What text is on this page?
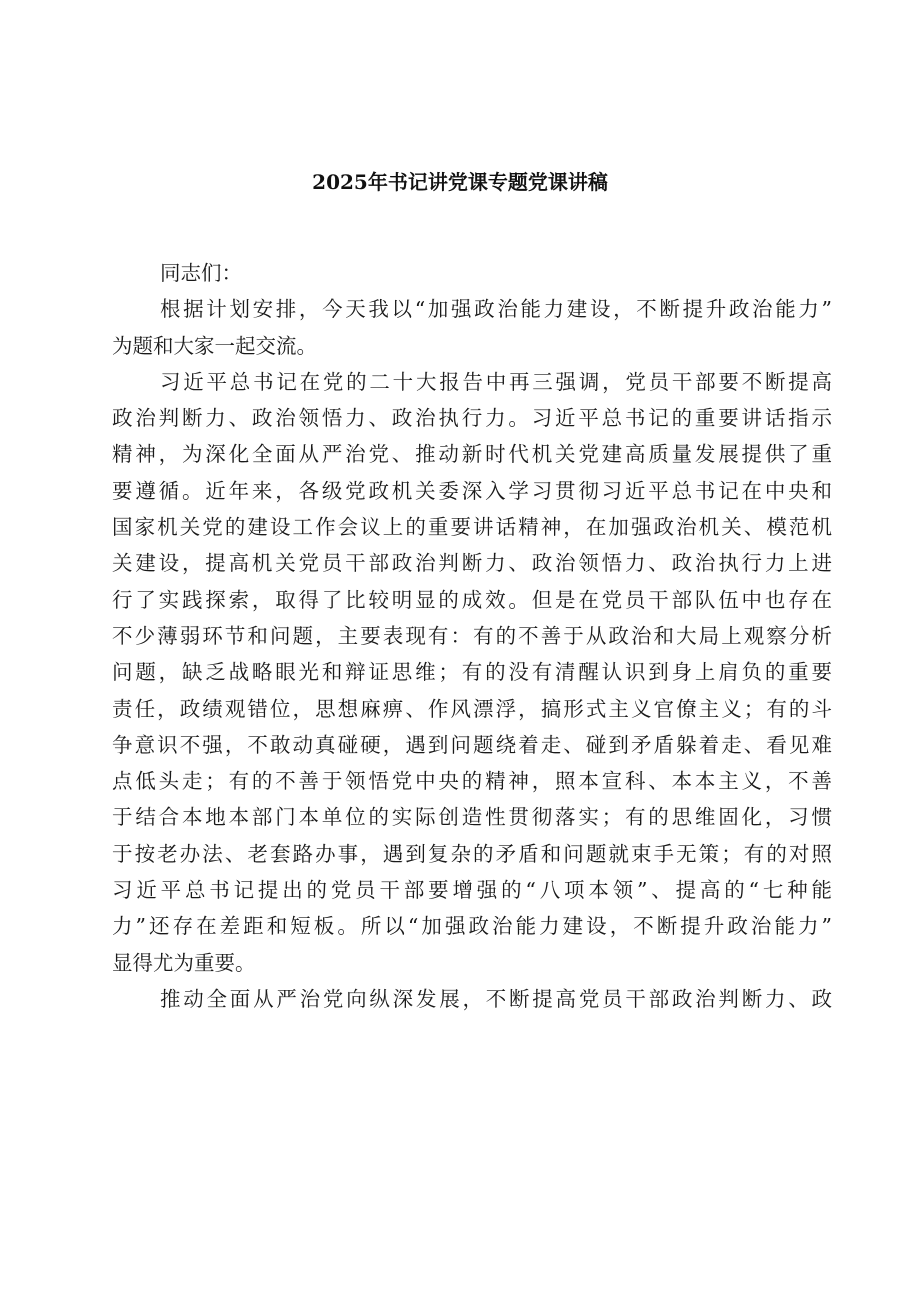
2025年书记讲党课专题党课讲稿

同志们：

根据计划安排，今天我以“加强政治能力建设，不断提升政治能力”
为题和大家一起交流。
习近平总书记在党的二十大报告中再三强调，党员干部要不断提高
政治判断力、政治领悟力、政治执行力。习近平总书记的重要讲话指示
精神，为深化全面从严治党、推动新时代机关党建高质量发展提供了重
要遵循。近年来，各级党政机关委深入学习贯彻习近平总书记在中央和
国家机关党的建设工作会议上的重要讲话精神，在加强政治机关、模范机
关建设，提高机关党员干部政治判断力、政治领悟力、政治执行力上进
行了实践探索，取得了比较明显的成效。但是在党员干部队伍中也存在
不少薄弱环节和问题，主要表现有：有的不善于从政治和大局上观察分析
问题，缺乏战略眼光和辩证思维；有的没有清醒认识到身上肩负的重要
责任，政绩观错位，思想麻痹、作风漂浮，搞形式主义官僚主义；有的斗
争意识不强，不敢动真碰硬，遇到问题绕着走、碰到矛盾躲着走、看见难
点低头走；有的不善于领悟党中央的精神，照本宣科、本本主义，不善
于结合本地本部门本单位的实际创造性贯彻落实；有的思维固化，习惯
于按老办法、老套路办事，遇到复杂的矛盾和问题就束手无策；有的对照
习近平总书记提出的党员干部要增强的“八项本领”、提高的“七种能
力”还存在差距和短板。所以“加强政治能力建设，不断提升政治能力”
显得尤为重要。
推动全面从严治党向纵深发展，不断提高党员干部政治判断力、政
